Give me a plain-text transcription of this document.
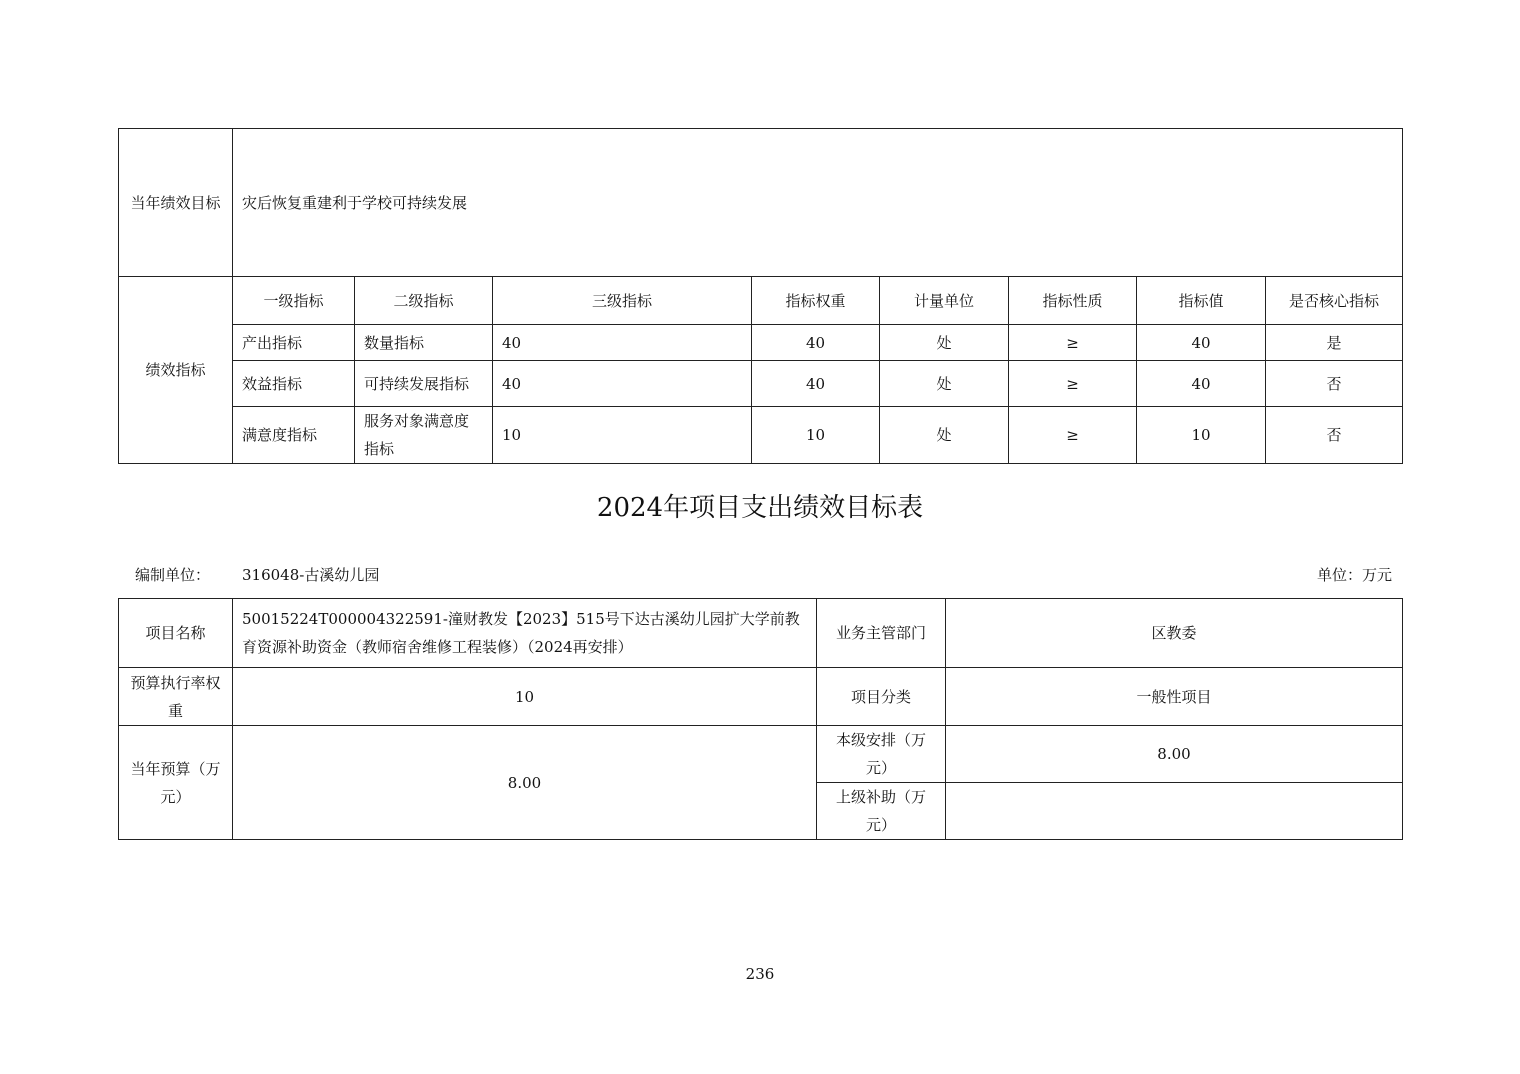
当年绩效目标	灾后恢复重建利于学校可持续发展							
绩效指标	一级指标	二级指标	三级指标	指标权重	计量单位	指标性质	指标值	是否核心指标
	产出指标	数量指标	40	40	处	≥	40	是
	效益指标	可持续发展指标	40	40	处	≥	40	否
	满意度指标	服务对象满意度指标	10	10	处	≥	10	否
2024年项目支出绩效目标表
编制单位： 316048-古溪幼儿园	单位：万元
项目名称	50015224T000004322591-潼财教发【2023】515号下达古溪幼儿园扩大学前教育资源补助资金（教师宿舍维修工程装修）（2024再安排）	业务主管部门	区教委
预算执行率权重	10	项目分类	一般性项目
当年预算（万元）	8.00	本级安排（万元）	8.00
		上级补助（万元）	
236
